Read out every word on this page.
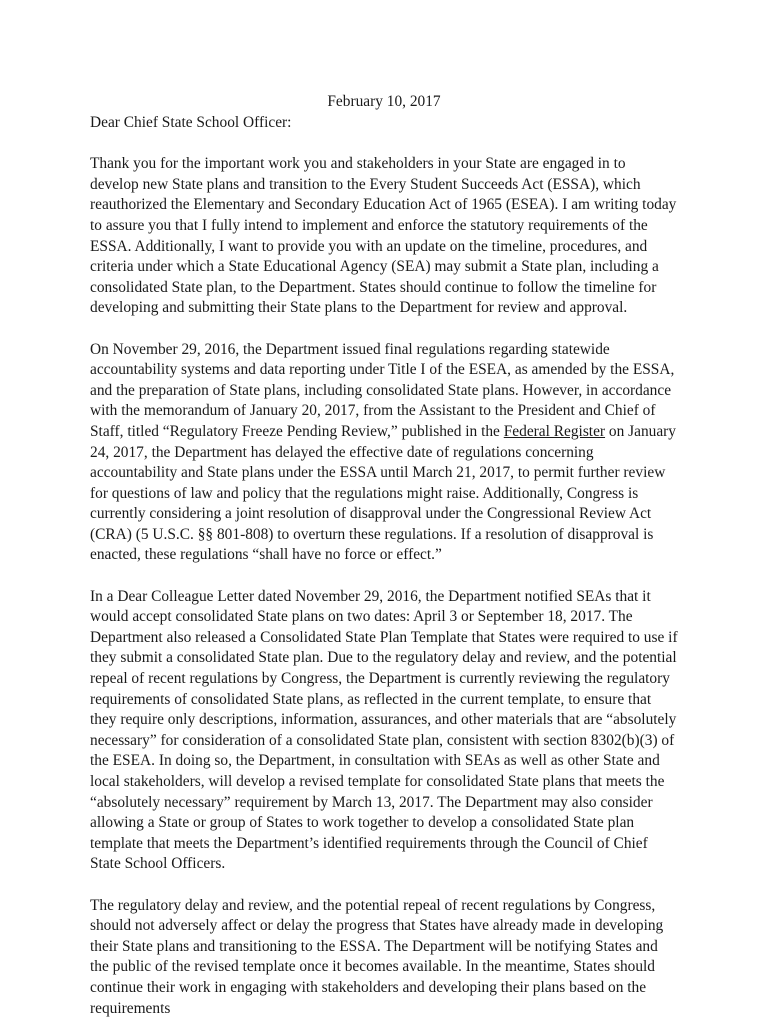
February 10, 2017

Dear Chief State School Officer:

Thank you for the important work you and stakeholders in your State are engaged in to develop new State plans and transition to the Every Student Succeeds Act (ESSA), which reauthorized the Elementary and Secondary Education Act of 1965 (ESEA). I am writing today to assure you that I fully intend to implement and enforce the statutory requirements of the ESSA. Additionally, I want to provide you with an update on the timeline, procedures, and criteria under which a State Educational Agency (SEA) may submit a State plan, including a consolidated State plan, to the Department. States should continue to follow the timeline for developing and submitting their State plans to the Department for review and approval.

On November 29, 2016, the Department issued final regulations regarding statewide accountability systems and data reporting under Title I of the ESEA, as amended by the ESSA, and the preparation of State plans, including consolidated State plans. However, in accordance with the memorandum of January 20, 2017, from the Assistant to the President and Chief of Staff, titled “Regulatory Freeze Pending Review,” published in the Federal Register on January 24, 2017, the Department has delayed the effective date of regulations concerning accountability and State plans under the ESSA until March 21, 2017, to permit further review for questions of law and policy that the regulations might raise. Additionally, Congress is currently considering a joint resolution of disapproval under the Congressional Review Act (CRA) (5 U.S.C. §§ 801-808) to overturn these regulations. If a resolution of disapproval is enacted, these regulations “shall have no force or effect.”

In a Dear Colleague Letter dated November 29, 2016, the Department notified SEAs that it would accept consolidated State plans on two dates: April 3 or September 18, 2017. The Department also released a Consolidated State Plan Template that States were required to use if they submit a consolidated State plan. Due to the regulatory delay and review, and the potential repeal of recent regulations by Congress, the Department is currently reviewing the regulatory requirements of consolidated State plans, as reflected in the current template, to ensure that they require only descriptions, information, assurances, and other materials that are “absolutely necessary” for consideration of a consolidated State plan, consistent with section 8302(b)(3) of the ESEA. In doing so, the Department, in consultation with SEAs as well as other State and local stakeholders, will develop a revised template for consolidated State plans that meets the “absolutely necessary” requirement by March 13, 2017. The Department may also consider allowing a State or group of States to work together to develop a consolidated State plan template that meets the Department’s identified requirements through the Council of Chief State School Officers.

The regulatory delay and review, and the potential repeal of recent regulations by Congress, should not adversely affect or delay the progress that States have already made in developing their State plans and transitioning to the ESSA. The Department will be notifying States and the public of the revised template once it becomes available. In the meantime, States should continue their work in engaging with stakeholders and developing their plans based on the requirements
